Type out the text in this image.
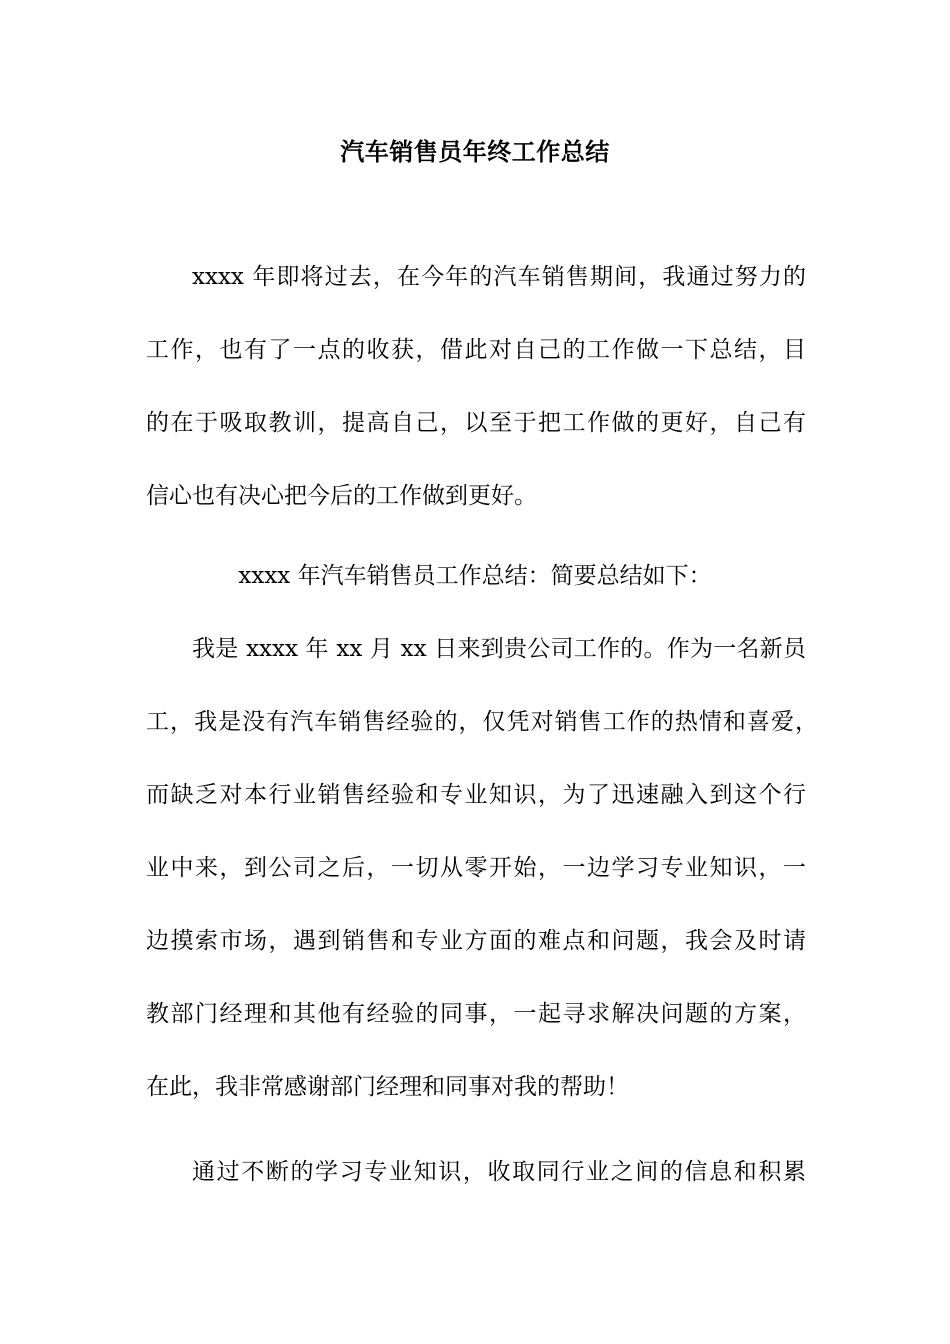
汽车销售员年终工作总结
xxxx 年即将过去，在今年的汽车销售期间，我通过努力的
工作，也有了一点的收获，借此对自己的工作做一下总结，目
的在于吸取教训，提高自己，以至于把工作做的更好，自己有
信心也有决心把今后的工作做到更好。
xxxx 年汽车销售员工作总结：简要总结如下：
我是 xxxx 年 xx 月 xx 日来到贵公司工作的。作为一名新员
工，我是没有汽车销售经验的，仅凭对销售工作的热情和喜爱，
而缺乏对本行业销售经验和专业知识，为了迅速融入到这个行
业中来，到公司之后，一切从零开始，一边学习专业知识，一
边摸索市场，遇到销售和专业方面的难点和问题，我会及时请
教部门经理和其他有经验的同事，一起寻求解决问题的方案，
在此，我非常感谢部门经理和同事对我的帮助！
通过不断的学习专业知识，收取同行业之间的信息和积累
